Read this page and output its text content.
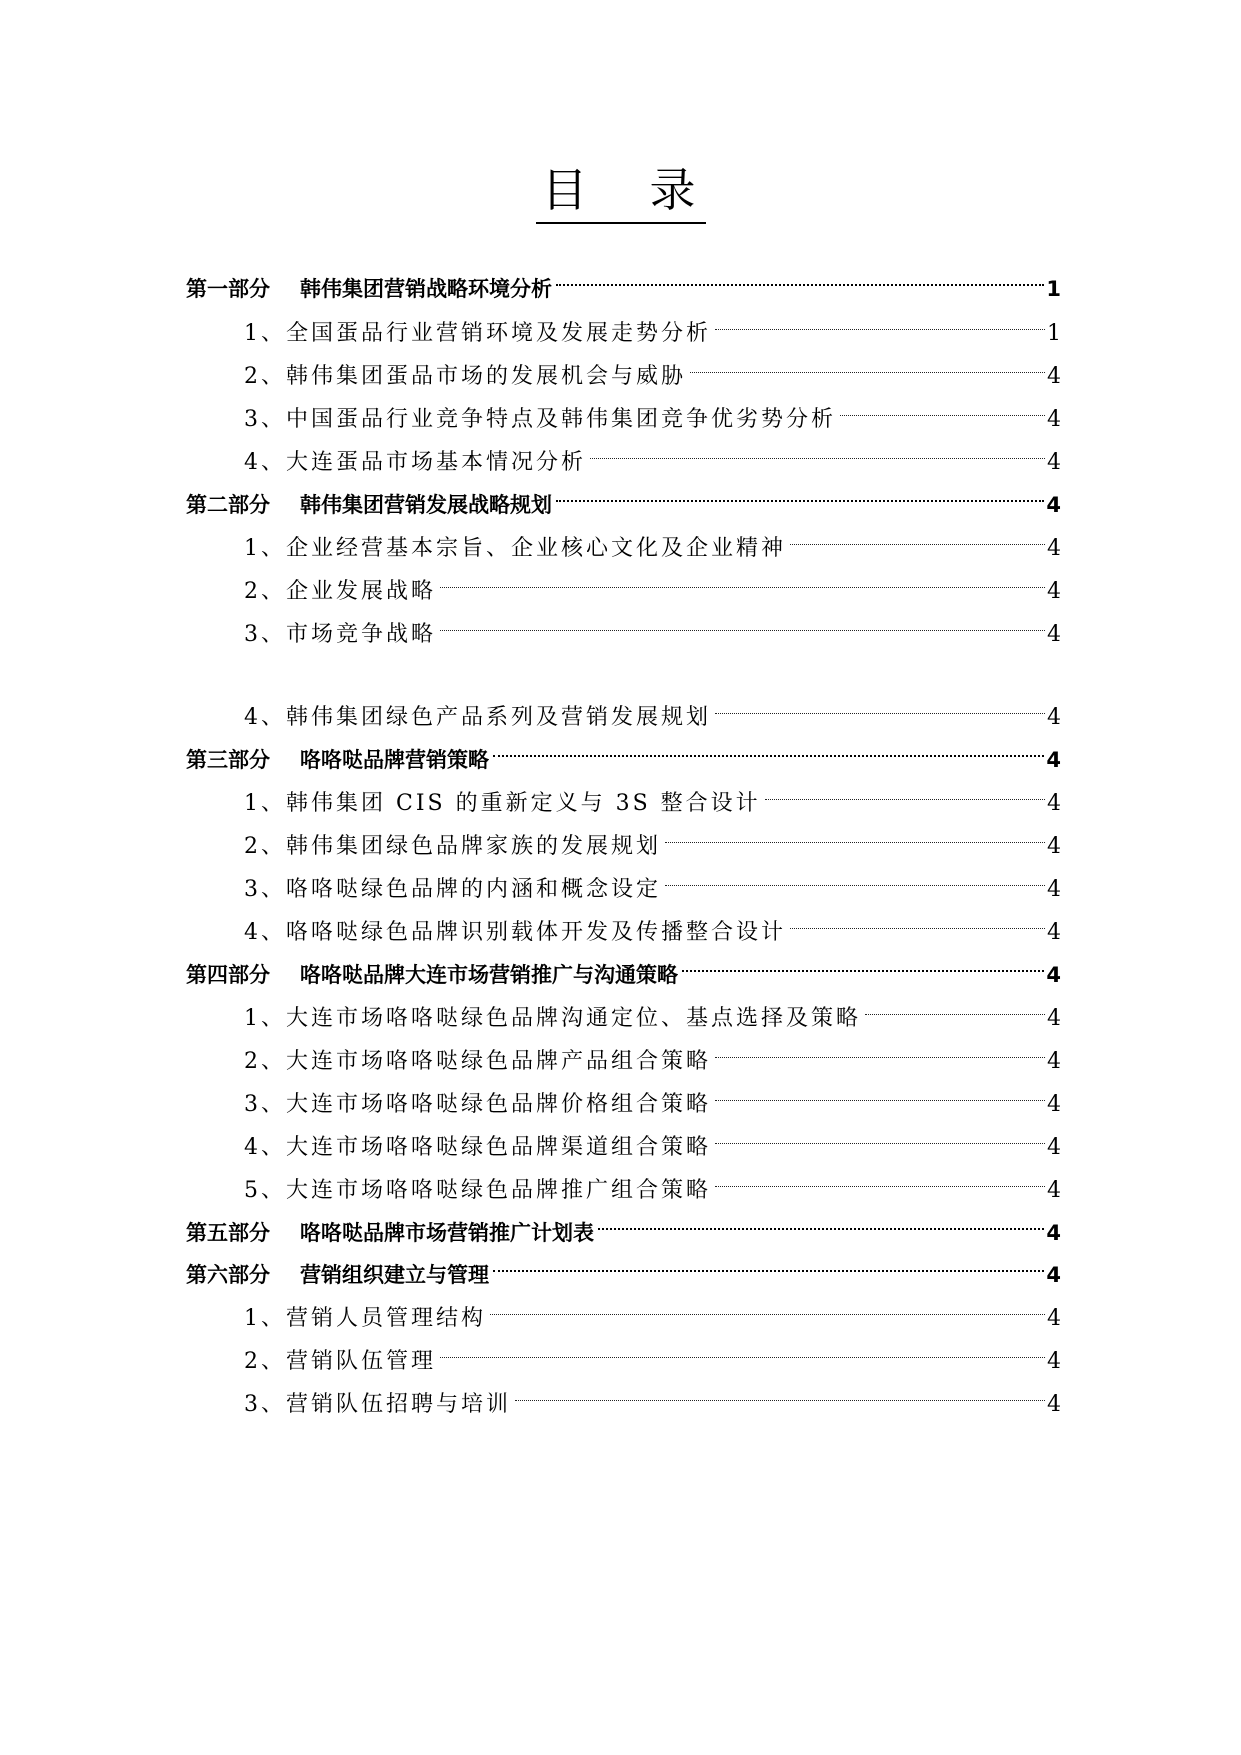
目　录
第一部分 韩伟集团营销战略环境分析	1
1、全国蛋品行业营销环境及发展走势分析	1
2、韩伟集团蛋品市场的发展机会与威胁	4
3、中国蛋品行业竞争特点及韩伟集团竞争优劣势分析	4
4、大连蛋品市场基本情况分析	4
第二部分 韩伟集团营销发展战略规划	4
1、企业经营基本宗旨、企业核心文化及企业精神	4
2、企业发展战略	4
3、市场竞争战略	4
4、韩伟集团绿色产品系列及营销发展规划	4
第三部分 咯咯哒品牌营销策略	4
1、韩伟集团 CIS 的重新定义与 3S 整合设计	4
2、韩伟集团绿色品牌家族的发展规划	4
3、咯咯哒绿色品牌的内涵和概念设定	4
4、咯咯哒绿色品牌识别载体开发及传播整合设计	4
第四部分 咯咯哒品牌大连市场营销推广与沟通策略	4
1、大连市场咯咯哒绿色品牌沟通定位、基点选择及策略	4
2、大连市场咯咯哒绿色品牌产品组合策略	4
3、大连市场咯咯哒绿色品牌价格组合策略	4
4、大连市场咯咯哒绿色品牌渠道组合策略	4
5、大连市场咯咯哒绿色品牌推广组合策略	4
第五部分 咯咯哒品牌市场营销推广计划表	4
第六部分 营销组织建立与管理	4
1、营销人员管理结构	4
2、营销队伍管理	4
3、营销队伍招聘与培训	4
